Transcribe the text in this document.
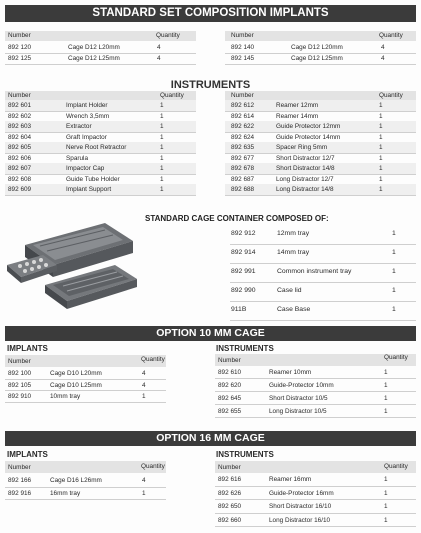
STANDARD SET COMPOSITION IMPLANTS
Number	Quantity
892 120	Cage D12 L20mm	4
892 125	Cage D12 L25mm	4
Number	Quantity
892 140	Cage D12 L20mm	4
892 145	Cage D12 L25mm	4
INSTRUMENTS
Number	Quantity
892 601	Implant Holder	1
892 602	Wrench 3,5mm	1
892 603	Extractor	1
892 604	Graft Impactor	1
892 605	Nerve Root Retractor	1
892 606	Sparula	1
892 607	Impactor Cap	1
892 608	Guide Tube Holder	1
892 609	Implant Support	1
Number	Quantity
892 612	Reamer 12mm	1
892 614	Reamer 14mm	1
892 622	Guide Protector 12mm	1
892 624	Guide Protector 14mm	1
892 635	Spacer Ring 5mm	1
892 677	Short Distractor 12/7	1
892 678	Short Distractor 14/8	1
892 687	Long Distractor 12/7	1
892 688	Long Distractor 14/8	1
STANDARD CAGE CONTAINER COMPOSED OF:
892 912	12mm tray	1
892 914	14mm tray	1
892 991	Common instrument tray	1
892 990	Case lid	1
911B	Case Base	1
OPTION 10 MM CAGE
IMPLANTS
Number	Quantity
892 100	Cage D10 L20mm	4
892 105	Cage D10 L25mm	4
892 910	10mm tray	1
INSTRUMENTS
Number	Quantity
892 610	Reamer 10mm	1
892 620	Guide-Protector 10mm	1
892 645	Short Distractor 10/5	1
892 655	Long Distractor 10/5	1
OPTION 16 MM CAGE
IMPLANTS
Number	Quantity
892 166	Cage D16 L26mm	4
892 916	16mm tray	1
INSTRUMENTS
Number	Quantity
892 616	Reamer 16mm	1
892 626	Guide-Protector 16mm	1
892 650	Short Distractor 16/10	1
892 660	Long Distractor 16/10	1
